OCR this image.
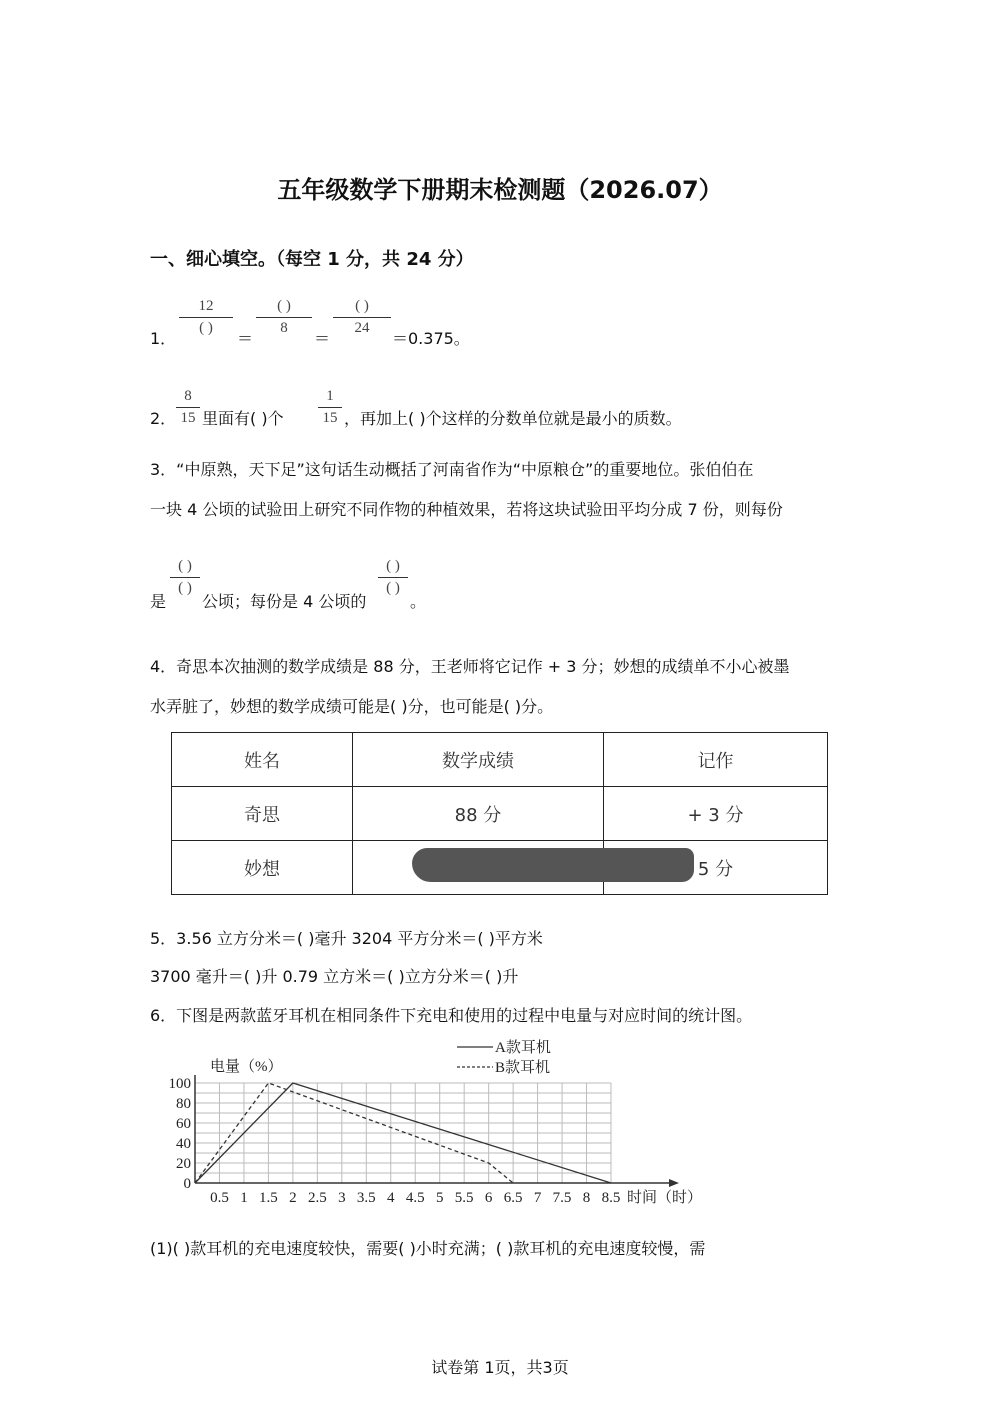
五年级数学下册期末检测题（2026.07）
一、细心填空。（每空 1 分，共 24 分）
1．
12
( )
＝
( )
8
＝
( )
24
＝0.375。
2． $\frac{8}{15}$ 里面有( )个 $\frac{1}{15}$ ，再加上( )个这样的分数单位就是最小的质数。
3．“中原熟，天下足”这句话生动概括了河南省作为“中原粮仓”的重要地位。张伯伯在
一块 4 公顷的试验田上研究不同作物的种植效果，若将这块试验田平均分成 7 份，则每份
是
( )
( )
公顷；每份是 4 公顷的
( )
( )
。
4．奇思本次抽测的数学成绩是 88 分，王老师将它记作 + 3 分；妙想的成绩单不小心被墨
水弄脏了，妙想的数学成绩可能是( )分，也可能是( )分。
姓名	数学成绩	记作
奇思	88 分	+ 3 分
妙想		5 分
5．3.56 立方分米＝( )毫升 3204 平方分米＝( )平方米
3700 毫升＝( )升 0.79 立方米＝( )立方分米＝( )升
6．下图是两款蓝牙耳机在相同条件下充电和使用的过程中电量与对应时间的统计图。
0
20
40
60
80
100
0.5 1 1.5 2 2.5 3 3.5 4 4.5 5 5.5 6 6.5 7 7.5 8 8.5
电量（%）
时间（时）
A款耳机
B款耳机
(1)( )款耳机的充电速度较快，需要( )小时充满；( )款耳机的充电速度较慢，需
试卷第 1页，共3页
